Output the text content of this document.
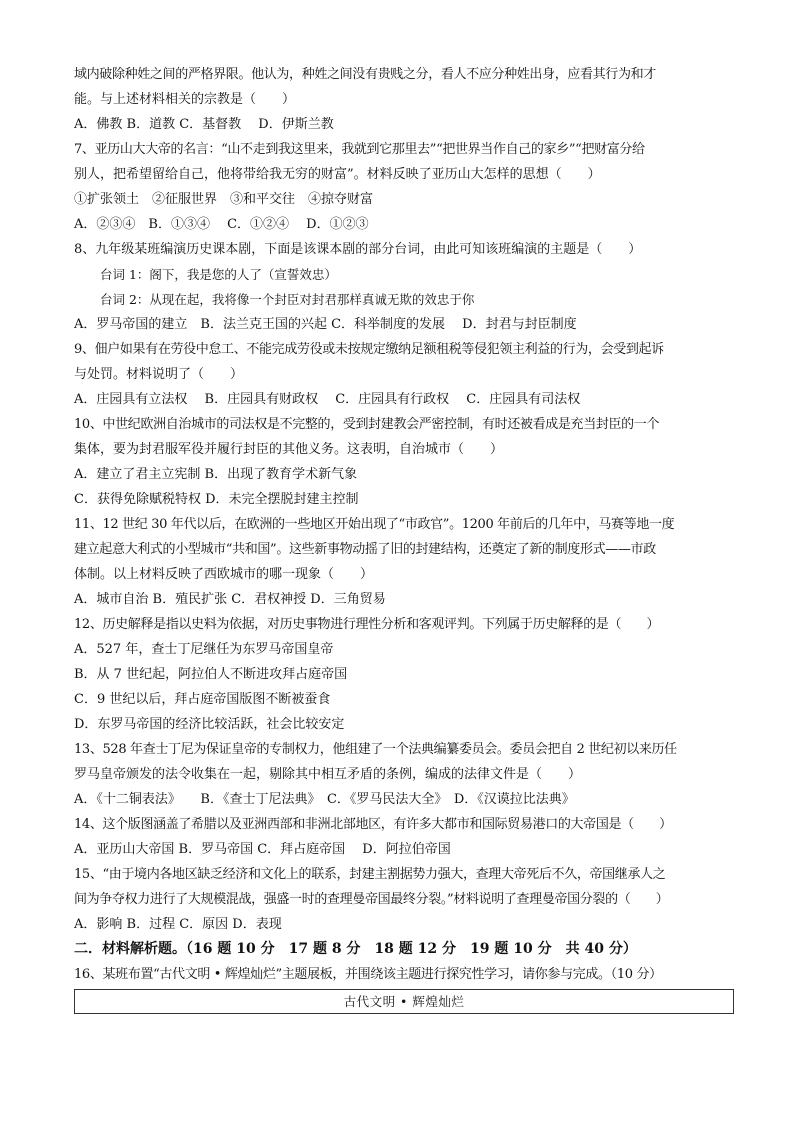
域内破除种姓之间的严格界限。他认为，种姓之间没有贵贱之分，看人不应分种姓出身，应看其行为和才
能。与上述材料相关的宗教是（　　）
A．佛教 B．道教 C．基督教　 D．伊斯兰教
7、亚历山大大帝的名言：“山不走到我这里来，我就到它那里去”“把世界当作自己的家乡”“把财富分给
别人，把希望留给自己，他将带给我无穷的财富”。材料反映了亚历山大怎样的思想（　　）
①扩张领土　②征服世界　③和平交往　④掠夺财富
A．②③④　B．①③④　 C．①②④　 D．①②③
8、九年级某班编演历史课本剧，下面是该课本剧的部分台词，由此可知该班编演的主题是（　　）
台词 1：阁下，我是您的人了（宣誓效忠）
台词 2：从现在起，我将像一个封臣对封君那样真诚无欺的效忠于你
A．罗马帝国的建立　B．法兰克王国的兴起 C．科举制度的发展　 D．封君与封臣制度
9、佃户如果有在劳役中怠工、不能完成劳役或未按规定缴纳足额租税等侵犯领主利益的行为，会受到起诉
与处罚。材料说明了（　　）
A．庄园具有立法权　 B．庄园具有财政权　 C．庄园具有行政权　 C．庄园具有司法权
10、中世纪欧洲自治城市的司法权是不完整的，受到封建教会严密控制，有时还被看成是充当封臣的一个
集体，要为封君服军役并履行封臣的其他义务。这表明，自治城市（　　）
A．建立了君主立宪制 B．出现了教育学术新气象
C．获得免除赋税特权 D．未完全摆脱封建主控制
11、12 世纪 30 年代以后，在欧洲的一些地区开始出现了“市政官”。1200 年前后的几年中，马赛等地一度
建立起意大利式的小型城市“共和国”。这些新事物动摇了旧的封建结构，还奠定了新的制度形式——市政
体制。以上材料反映了西欧城市的哪一现象（　　）
A．城市自治 B．殖民扩张 C．君权神授 D．三角贸易
12、历史解释是指以史料为依据，对历史事物进行理性分析和客观评判。下列属于历史解释的是（　　）
A．527 年，查士丁尼继任为东罗马帝国皇帝
B．从 7 世纪起，阿拉伯人不断进攻拜占庭帝国
C．9 世纪以后，拜占庭帝国版图不断被蚕食
D．东罗马帝国的经济比较活跃，社会比较安定
13、528 年查士丁尼为保证皇帝的专制权力，他组建了一个法典编纂委员会。委员会把自 2 世纪初以来历任
罗马皇帝颁发的法令收集在一起，剔除其中相互矛盾的条例，编成的法律文件是（　　）
A．《十二铜表法》　　B．《查士丁尼法典》　C．《罗马民法大全》　D．《汉谟拉比法典》
14、这个版图涵盖了希腊以及亚洲西部和非洲北部地区，有许多大都市和国际贸易港口的大帝国是（　　）
A．亚历山大帝国 B．罗马帝国 C．拜占庭帝国　 D．阿拉伯帝国
15、“由于境内各地区缺乏经济和文化上的联系，封建主割据势力强大，查理大帝死后不久，帝国继承人之
间为争夺权力进行了大规模混战，强盛一时的查理曼帝国最终分裂。”材料说明了查理曼帝国分裂的（　　）
A．影响 B．过程 C．原因 D．表现
二．材料解析题。（16 题 10 分　17 题 8 分　18 题 12 分　19 题 10 分　共 40 分）
16、某班布置“古代文明 • 辉煌灿烂”主题展板，并围绕该主题进行探究性学习，请你参与完成。（10 分）
古代文明 • 辉煌灿烂
